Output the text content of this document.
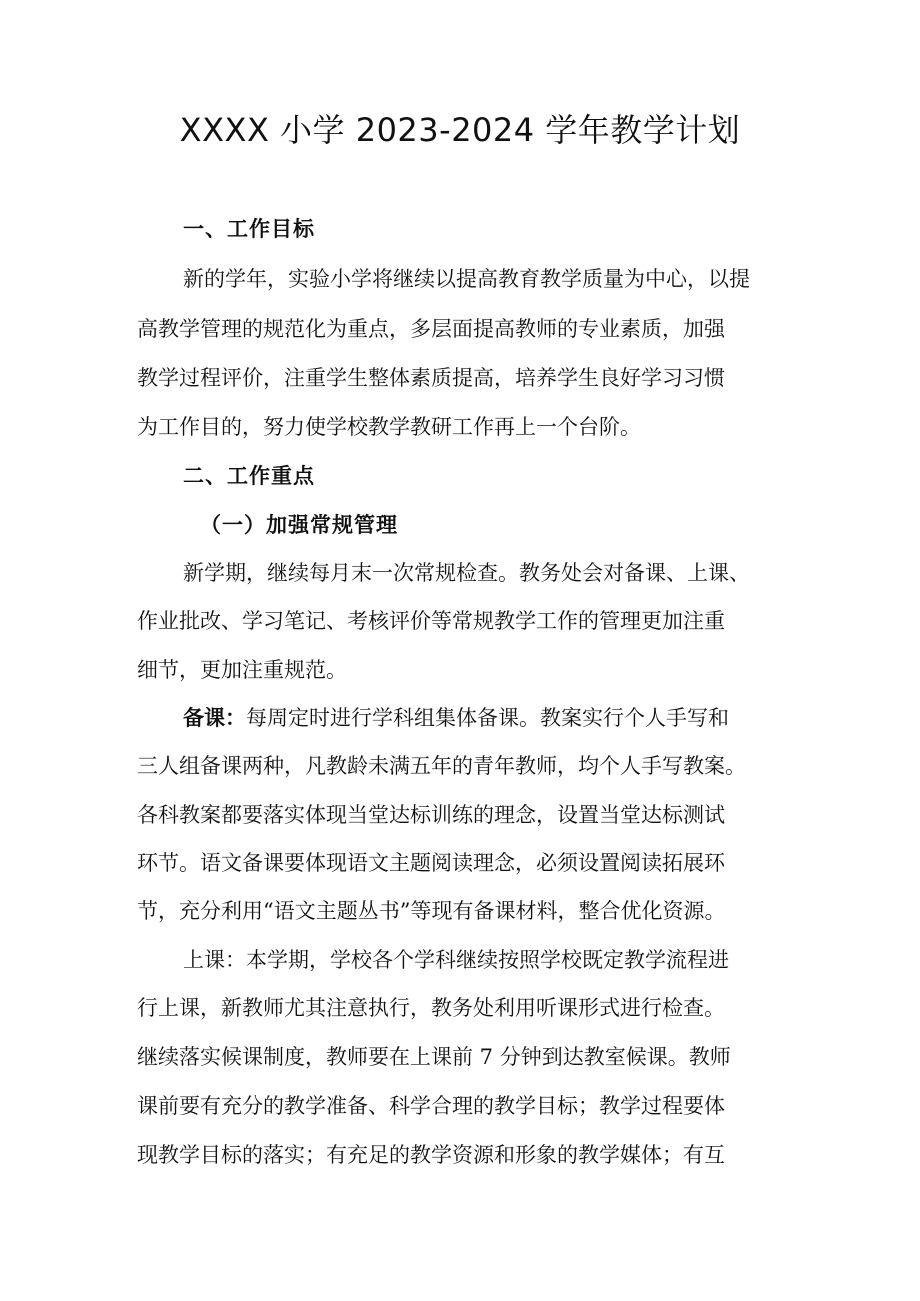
XXXX 小学 2023-2024 学年教学计划
一、工作目标
新的学年，实验小学将继续以提高教育教学质量为中心，以提
高教学管理的规范化为重点，多层面提高教师的专业素质，加强
教学过程评价，注重学生整体素质提高，培养学生良好学习习惯
为工作目的，努力使学校教学教研工作再上一个台阶。
二、工作重点
（一）加强常规管理
新学期，继续每月末一次常规检查。教务处会对备课、上课、
作业批改、学习笔记、考核评价等常规教学工作的管理更加注重
细节，更加注重规范。
备课：每周定时进行学科组集体备课。教案实行个人手写和
三人组备课两种，凡教龄未满五年的青年教师，均个人手写教案。
各科教案都要落实体现当堂达标训练的理念，设置当堂达标测试
环节。语文备课要体现语文主题阅读理念，必须设置阅读拓展环
节，充分利用“语文主题丛书”等现有备课材料，整合优化资源。
上课：本学期，学校各个学科继续按照学校既定教学流程进
行上课，新教师尤其注意执行，教务处利用听课形式进行检查。
继续落实候课制度，教师要在上课前 7 分钟到达教室候课。教师
课前要有充分的教学准备、科学合理的教学目标；教学过程要体
现教学目标的落实；有充足的教学资源和形象的教学媒体；有互
